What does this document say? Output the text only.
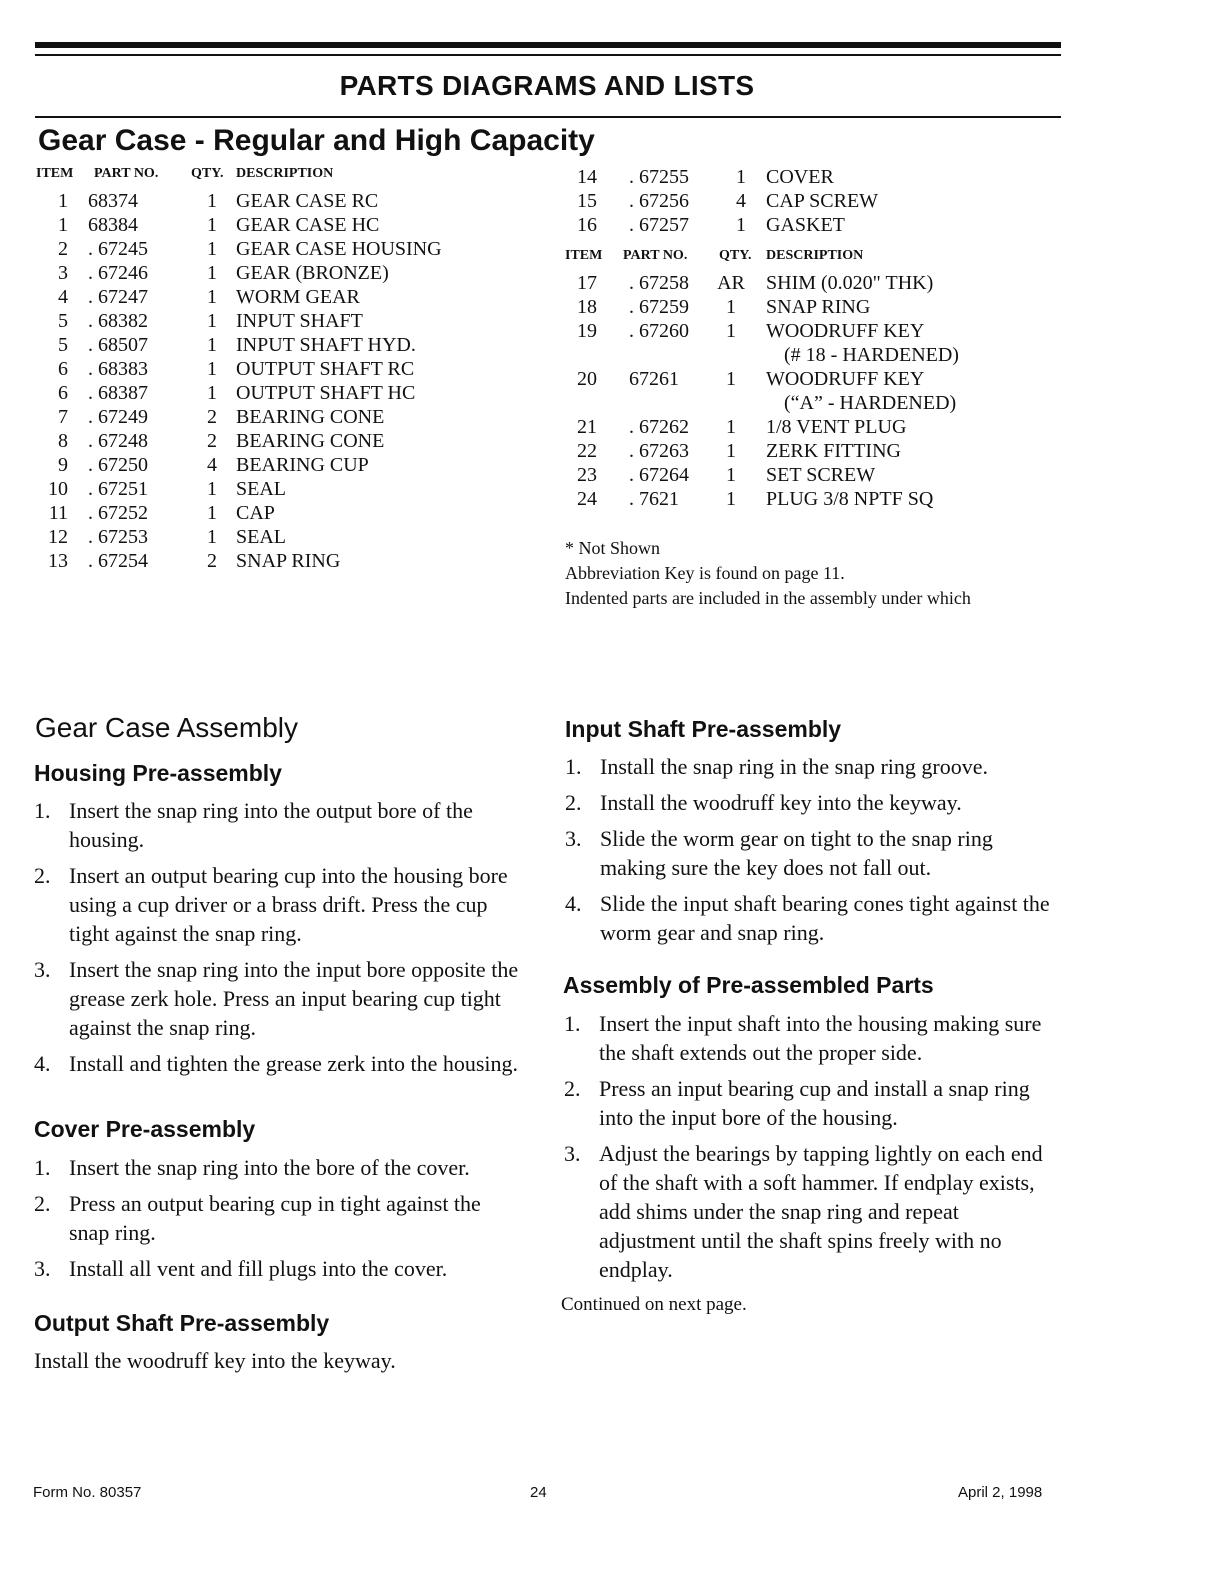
PARTS DIAGRAMS AND LISTS
Gear Case - Regular and High Capacity
ITEM PART NO. QTY. DESCRIPTION
1 68374	1 GEAR CASE RC
1 68384	1 GEAR CASE HC
2 . 67245	1 GEAR CASE HOUSING
3 . 67246	1 GEAR (BRONZE)
4 . 67247	1 WORM GEAR
5 . 68382	1 INPUT SHAFT
5 . 68507	1 INPUT SHAFT HYD.
6 . 68383	1 OUTPUT SHAFT RC
6 . 68387	1 OUTPUT SHAFT HC
7 . 67249	2 BEARING CONE
8 . 67248	2 BEARING CONE
9 . 67250	4 BEARING CUP
10 . 67251	1 SEAL
11 . 67252	1 CAP
12 . 67253	1 SEAL
13 . 67254	2 SNAP RING
14 . 67255	1	COVER
15 . 67256	4	CAP SCREW
16 . 67257	1	GASKET
ITEM PART NO. QTY. DESCRIPTION
17 . 67258 AR SHIM (0.020" THK)
18 . 67259	1	SNAP RING
19 . 67260	1	WOODRUFF KEY
(# 18 - HARDENED)
20 67261	1	WOODRUFF KEY
(“A” - HARDENED)
21 . 67262	1	1/8 VENT PLUG
22 . 67263	1	ZERK FITTING
23 . 67264	1	SET SCREW
24 . 7621	1	PLUG 3/8 NPTF SQ
* Not Shown
Abbreviation Key is found on page 11.
Indented parts are included in the assembly under which
Gear Case Assembly
Housing Pre-assembly
1. Insert the snap ring into the output bore of the housing.
2. Insert an output bearing cup into the housing bore using a cup driver or a brass drift. Press the cup tight against the snap ring.
3. Insert the snap ring into the input bore opposite the grease zerk hole. Press an input bearing cup tight against the snap ring.
4. Install and tighten the grease zerk into the housing.
Cover Pre-assembly
1. Insert the snap ring into the bore of the cover.
2. Press an output bearing cup in tight against the snap ring.
3. Install all vent and fill plugs into the cover.
Output Shaft Pre-assembly
Install the woodruff key into the keyway.
Input Shaft Pre-assembly
1. Install the snap ring in the snap ring groove.
2. Install the woodruff key into the keyway.
3. Slide the worm gear on tight to the snap ring making sure the key does not fall out.
4. Slide the input shaft bearing cones tight against the worm gear and snap ring.
Assembly of Pre-assembled Parts
1. Insert the input shaft into the housing making sure the shaft extends out the proper side.
2. Press an input bearing cup and install a snap ring into the input bore of the housing.
3. Adjust the bearings by tapping lightly on each end of the shaft with a soft hammer. If endplay exists, add shims under the snap ring and repeat adjustment until the shaft spins freely with no endplay.
Continued on next page.
Form No. 80357	24	April 2, 1998
